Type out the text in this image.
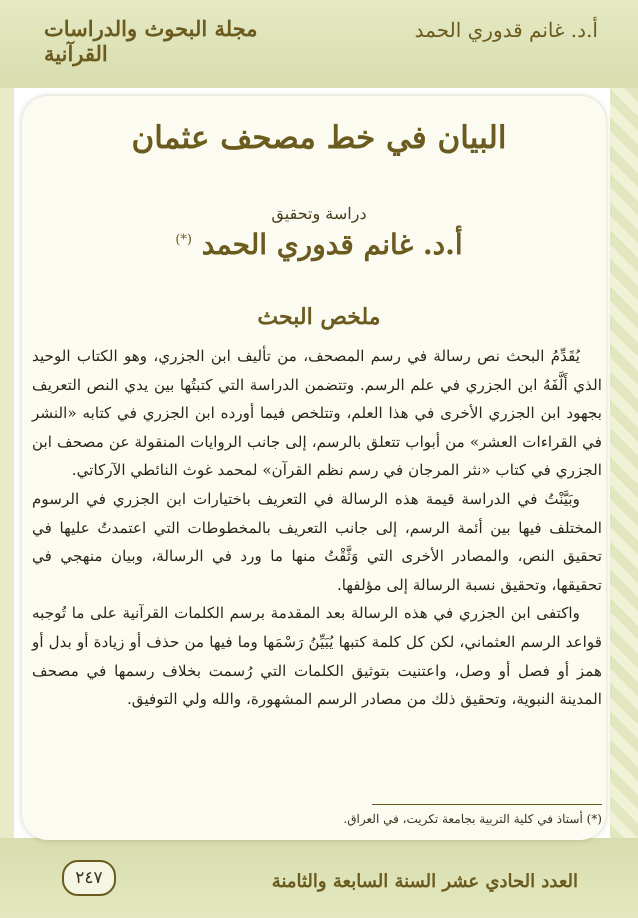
مجلة البحوث والدراسات القرآنية
أ.د. غانم قدوري الحمد
البيان في خط مصحف عثمان
دراسة وتحقيق
أ.د. غانم قدوري الحمد (*)
ملخص البحث

يُقَدِّمُ البحث نص رسالة في رسم المصحف، من تأليف ابن الجزري، وهو الكتاب الوحيد الذي أَلَّفَهُ ابن الجزري في علم الرسم. وتتضمن الدراسة التي كتبتُها بين يدي النص التعريف بجهود ابن الجزري الأخرى في هذا العلم، وتتلخص فيما أورده ابن الجزري في كتابه «النشر في القراءات العشر» من أبواب تتعلق بالرسم، إلى جانب الروايات المنقولة عن مصحف ابن الجزري في كتاب «نثر المرجان في رسم نظم القرآن» لمحمد غوث النائطي الآركاتي.

وبَيَّنْتُ في الدراسة قيمة هذه الرسالة في التعريف باختيارات ابن الجزري في الرسوم المختلف فيها بين أئمة الرسم، إلى جانب التعريف بالمخطوطات التي اعتمدتُ عليها في تحقيق النص، والمصادر الأخرى التي وَثَّقْتُ منها ما ورد في الرسالة، وبيان منهجي في تحقيقها، وتحقيق نسبة الرسالة إلى مؤلفها.

واكتفى ابن الجزري في هذه الرسالة بعد المقدمة برسم الكلمات القرآنية على ما تُوجبه قواعد الرسم العثماني، لكن كل كلمة كتبها يُبَيِّنُ رَسْمَها وما فيها من حذف أو زيادة أو بدل أو همز أو فصل أو وصل، واعتنيت بتوثيق الكلمات التي رُسمت بخلاف رسمها في مصحف المدينة النبوية، وتحقيق ذلك من مصادر الرسم المشهورة، والله ولي التوفيق.

(*) أستاذ في كلية التربية بجامعة تكريت، في العراق.
العدد الحادي عشر السنة السابعة والثامنة
٢٤٧
